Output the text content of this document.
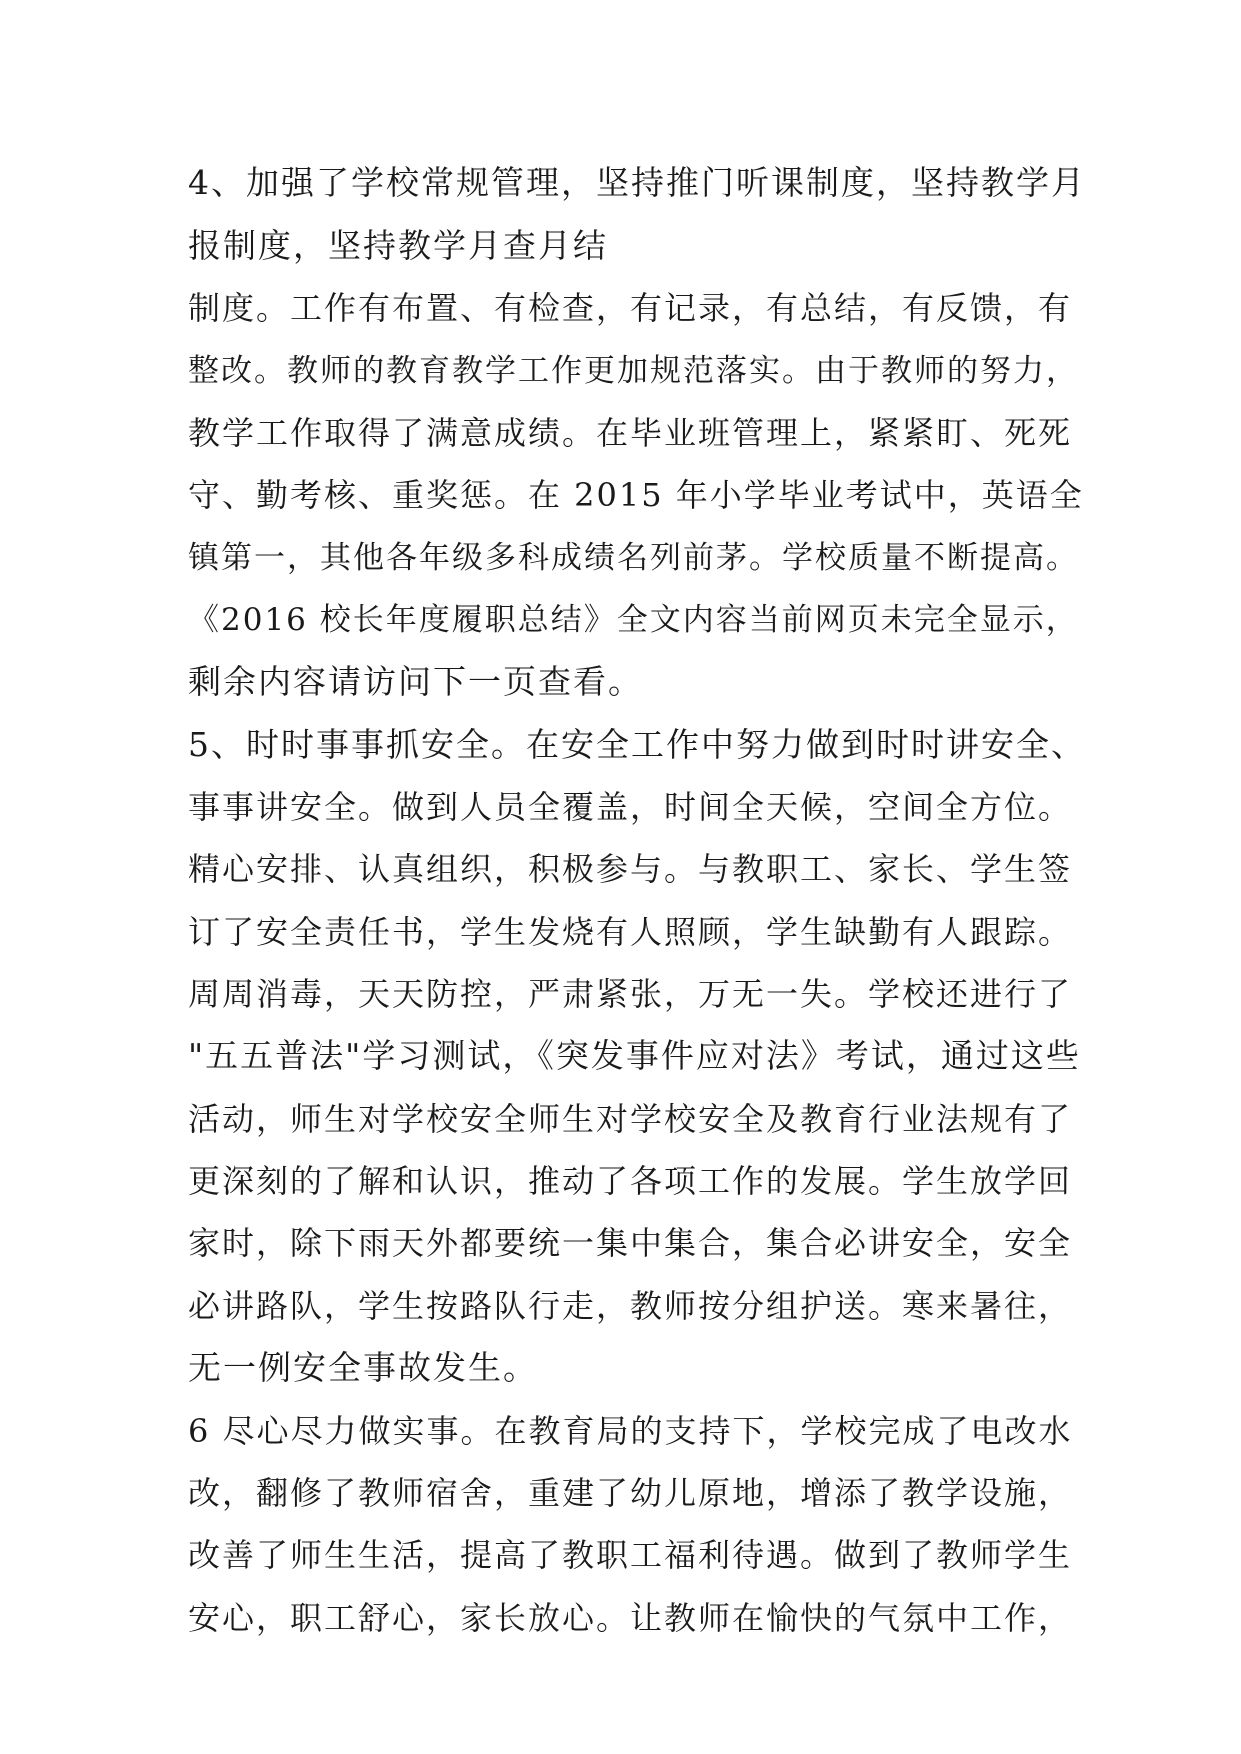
4、加强了学校常规管理，坚持推门听课制度，坚持教学月

报制度，坚持教学月查月结

制度。工作有布置、有检查，有记录，有总结，有反馈，有

整改。教师的教育教学工作更加规范落实。由于教师的努力，

教学工作取得了满意成绩。在毕业班管理上，紧紧盯、死死

守、勤考核、重奖惩。在 2015 年小学毕业考试中，英语全

镇第一，其他各年级多科成绩名列前茅。学校质量不断提高。

《2016 校长年度履职总结》全文内容当前网页未完全显示，

剩余内容请访问下一页查看。

5、时时事事抓安全。在安全工作中努力做到时时讲安全、

事事讲安全。做到人员全覆盖，时间全天候，空间全方位。

精心安排、认真组织，积极参与。与教职工、家长、学生签

订了安全责任书，学生发烧有人照顾，学生缺勤有人跟踪。

周周消毒，天天防控，严肃紧张，万无一失。学校还进行了

"五五普法"学习测试，《突发事件应对法》考试，通过这些

活动，师生对学校安全师生对学校安全及教育行业法规有了

更深刻的了解和认识，推动了各项工作的发展。学生放学回

家时，除下雨天外都要统一集中集合，集合必讲安全，安全

必讲路队，学生按路队行走，教师按分组护送。寒来暑往，

无一例安全事故发生。

6 尽心尽力做实事。在教育局的支持下，学校完成了电改水

改，翻修了教师宿舍，重建了幼儿原地，增添了教学设施，

改善了师生生活，提高了教职工福利待遇。做到了教师学生

安心，职工舒心，家长放心。让教师在愉快的气氛中工作，
